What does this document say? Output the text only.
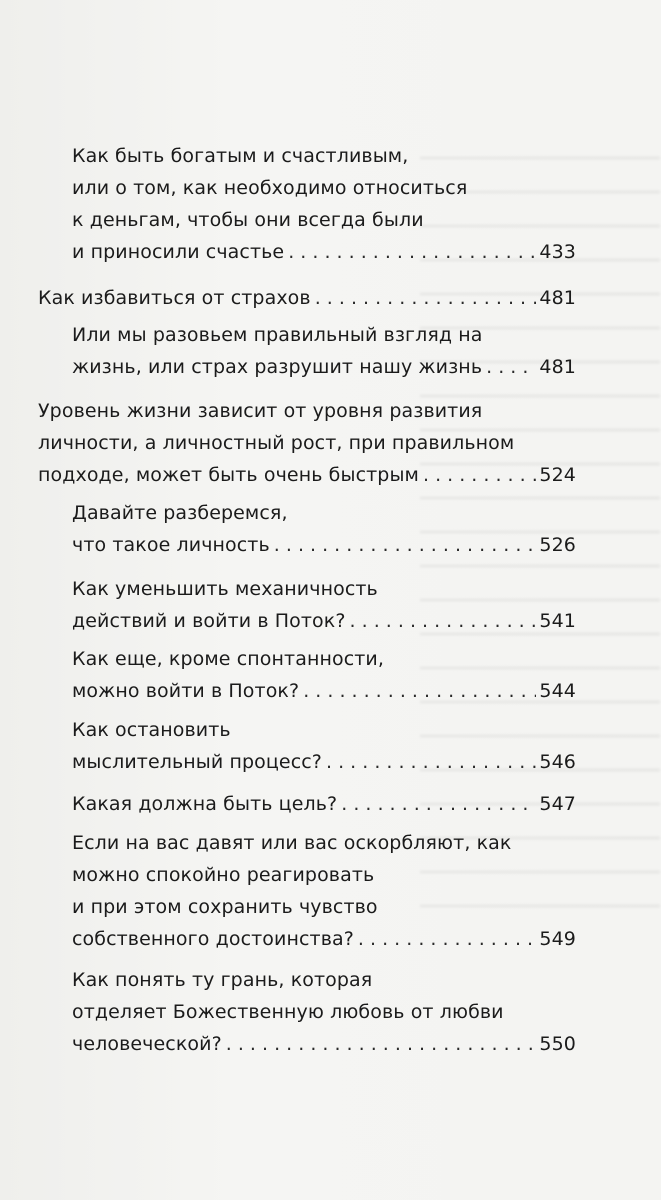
Как быть богатым и счастливым,
или о том, как необходимо относиться
к деньгам, чтобы они всегда были
и приносили счастье . . .	433
Как избавиться от страхов . . .	481
Или мы разовьем правильный взгляд на
жизнь, или страх разрушит нашу жизнь . . .	481
Уровень жизни зависит от уровня развития
личности, а личностный рост, при правильном
подходе, может быть очень быстрым . . .	524
Давайте разберемся,
что такое личность . . .	526
Как уменьшить механичность
действий и войти в Поток? . . .	541
Как еще, кроме спонтанности,
можно войти в Поток? . . .	544
Как остановить
мыслительный процесс? . . .	546
Какая должна быть цель? . . .	547
Если на вас давят или вас оскорбляют, как
можно спокойно реагировать
и при этом сохранить чувство
собственного достоинства? . . .	549
Как понять ту грань, которая
отделяет Божественную любовь от любви
человеческой? . . .	550
